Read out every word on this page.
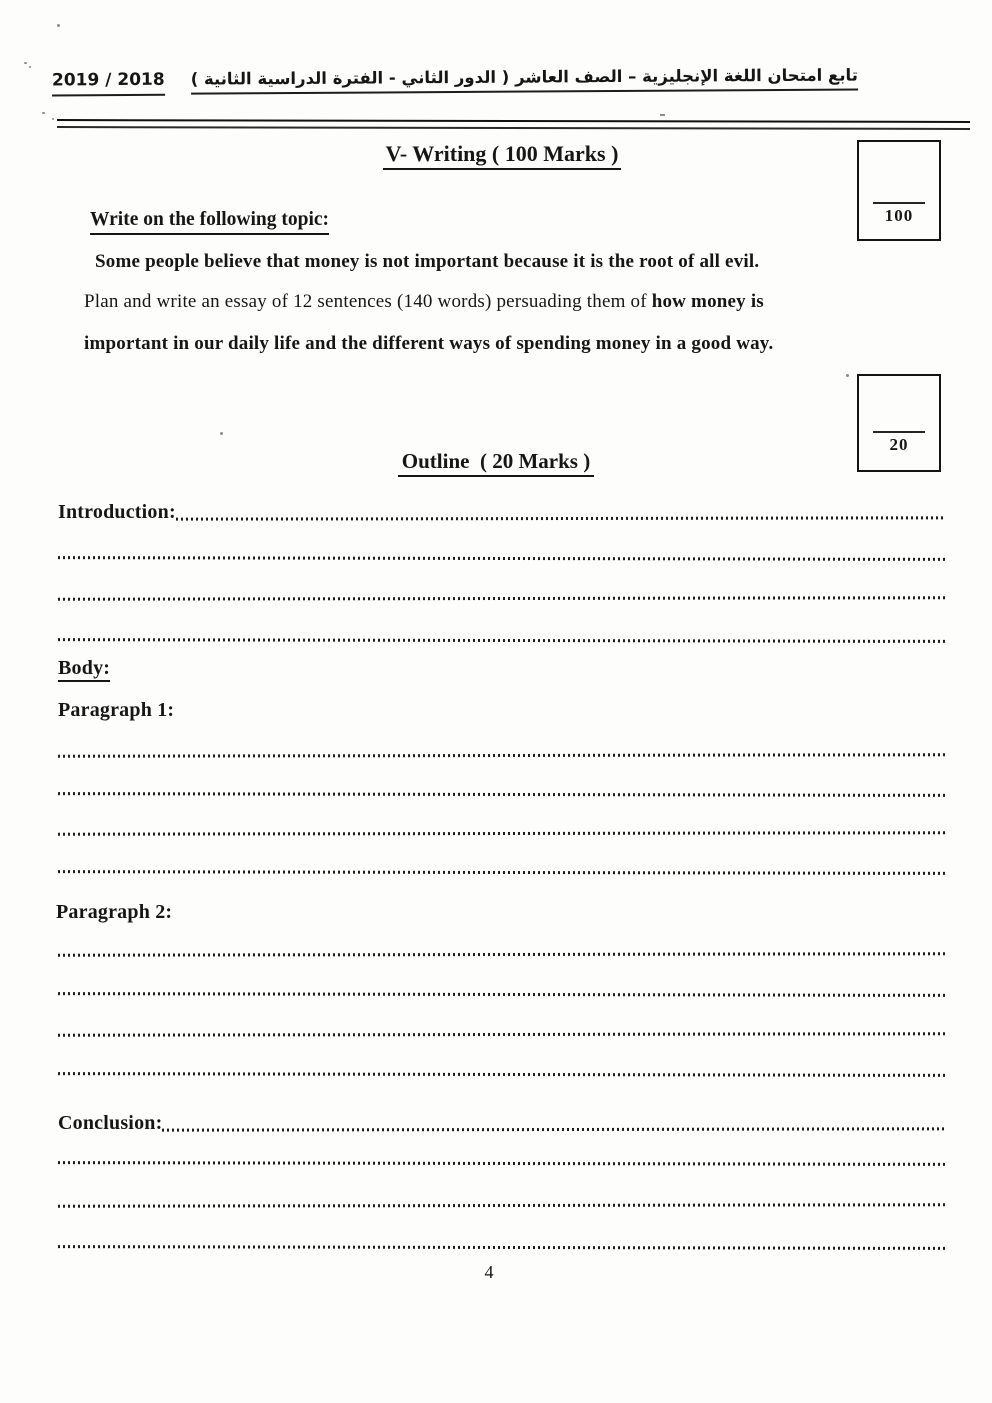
تابع امتحان اللغة الإنجليزية – الصف العاشر ( الدور الثاني - الفترة الدراسية الثانية )
2019 / 2018
100
V- Writing ( 100 Marks )
Write on the following topic:

Some people believe that money is not important because it is the root of all evil.

Plan and write an essay of 12 sentences (140 words) persuading them of how money is

important in our daily life and the different ways of spending money in a good way.

20
Outline  ( 20 Marks )
Introduction:
Body:
Paragraph 1:
Paragraph 2:
Conclusion:
4
